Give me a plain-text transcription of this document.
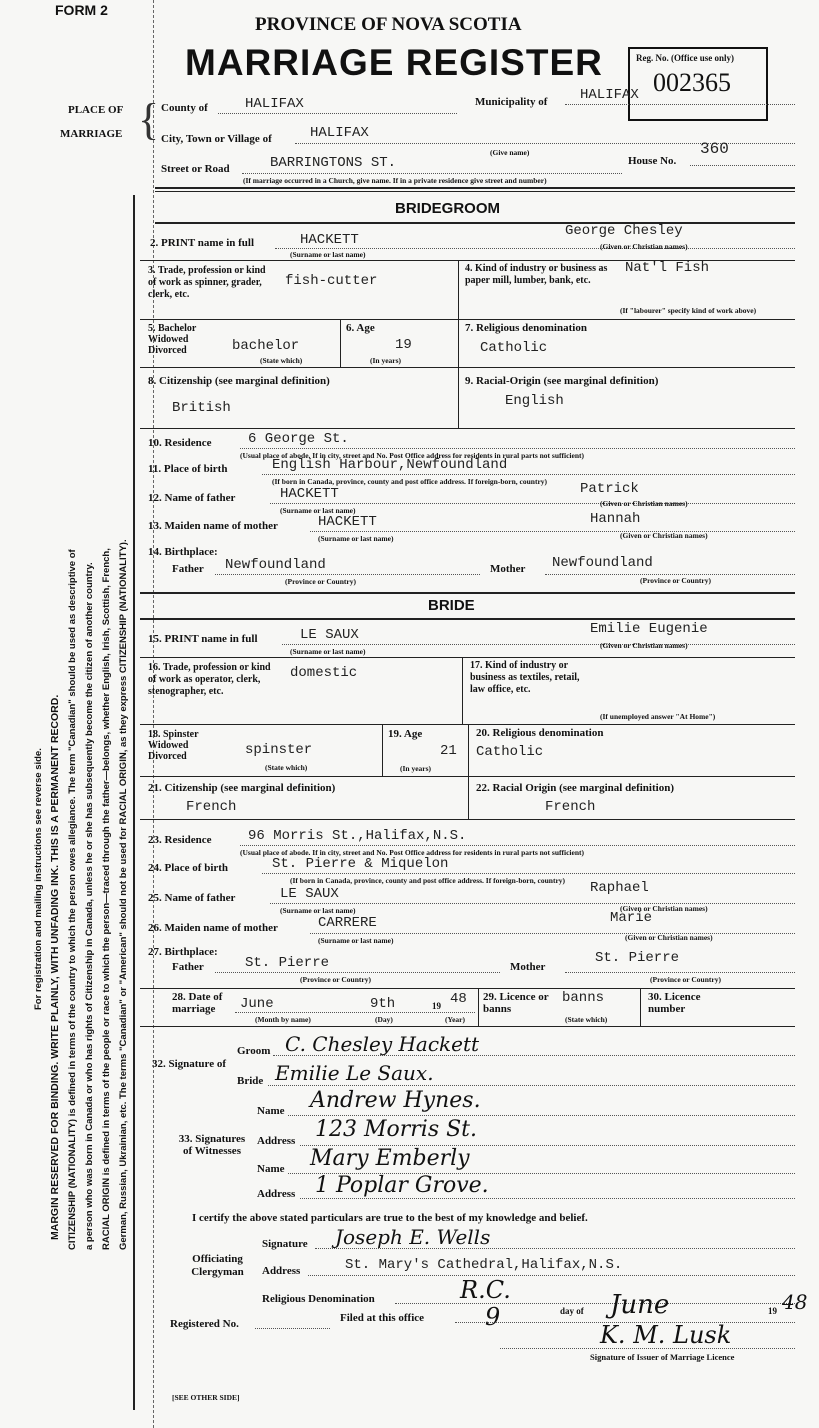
For registration and mailing instructions see reverse side. MARGIN RESERVED FOR BINDING. WRITE PLAINLY, WITH UNFADING INK. THIS IS A PERMANENT RECORD. CITIZENSHIP (NATIONALITY) is defined in terms of the country to which the person owes allegiance. The term "Canadian" should be used as descriptive of a person who was born in Canada or who has rights of Citizenship in Canada, unless he or she has subsequently become the citizen of another country. RACIAL ORIGIN is defined in terms of the people or race to which the person—traced through the father—belongs, whether English, Irish, Scottish, French, German, Russian, Ukrainian, etc. The terms "Canadian" or "American" should not be used for RACIAL ORIGIN, as they express CITIZENSHIP (NATIONALITY).
FORM 2
PROVINCE OF NOVA SCOTIA
MARRIAGE REGISTER	Reg. No. (Office use only)
002365
PLACE OF
MARRIAGE { County of	HALIFAX	Municipality of HALIFAX
City, Town or Village of	HALIFAX
(Give name)
Street or Road	BARRINGTONS ST.	House No.
360
(If marriage occurred in a Church, give name. If in a private residence give street and number)
BRIDEGROOM
2. PRINT name in full	HACKETT
George Chesley
(Surname or last name)
(Given or Christian names)
3. Trade, profession or kind of work as spinner, grader, clerk, etc.
fish-cutter
4. Kind of industry or business as paper mill, lumber, bank, etc.
Nat'l Fish
(If "labourer" specify kind of work above)
5. Bachelor Widowed Divorced	bachelor
(State which)
6. Age
19
(In years)
7. Religious denomination
Catholic
8. Citizenship (see marginal definition)
British
9. Racial-Origin (see marginal definition)
English
10. Residence	6 George St.
(Usual place of abode. If in city, street and No. Post Office address for residents in rural parts not sufficient)
11. Place of birth	English Harbour,Newfoundland
(If born in Canada, province, county and post office address. If foreign-born, country)
12. Name of father	HACKETT	Patrick
(Surname or last name)
(Given or Christian names)
13. Maiden name of mother	HACKETT	Hannah
(Surname or last name)	(Given or Christian names)
14. Birthplace:
Father Newfoundland
(Province or Country)
Mother Newfoundland
(Province or Country)
BRIDE
15. PRINT name in full	LE SAUX	Emilie Eugenie
(Surname or last name)
(Given or Christian names)
16. Trade, profession or kind of work as operator, clerk, stenographer, etc.
domestic	17. Kind of industry or business as textiles, retail, law office, etc.
(If unemployed answer "At Home")
18. Spinster Widowed Divorced	spinster
(State which)
19. Age
21
(In years)
20. Religious denomination
Catholic
21. Citizenship (see marginal definition)
French
22. Racial Origin (see marginal definition)
French
23. Residence	96 Morris St.,Halifax,N.S.
(Usual place of abode. If in city, street and No. Post Office address for residents in rural parts not sufficient)
24. Place of birth	St. Pierre & Miquelon
(If born in Canada, province, county and post office address. If foreign-born, country)
25. Name of father	LE SAUX	Raphael
(Surname or last name)	(Given or Christian names)
26. Maiden name of mother	CARRERE	Marie
(Surname or last name)	(Given or Christian names)
27. Birthplace:
Father	St. Pierre
(Province or Country)
Mother
St. Pierre
(Province or Country)
28. Date of marriage	June	9th	19 48
(Month by name)	(Day)	(Year)
29. Licence or banns
banns
(State which)
30. Licence number
32. Signature of
Groom C. Chesley Hackett
Bride Emilie Le Saux.
33. Signatures of Witnesses
Name Andrew Hynes.
Address 123 Morris St.
Name Mary Emberly
Address 1 Poplar Grove.
I certify the above stated particulars are true to the best of my knowledge and belief.
Officiating Clergyman
Signature Joseph E. Wells
Address	St. Mary's Cathedral,Halifax,N.S.
Religious Denomination	R.C.
Registered No.	Filed at this office	9	day of June	19 48
K. M. Lusk
Signature of Issuer of Marriage Licence
[SEE OTHER SIDE]
